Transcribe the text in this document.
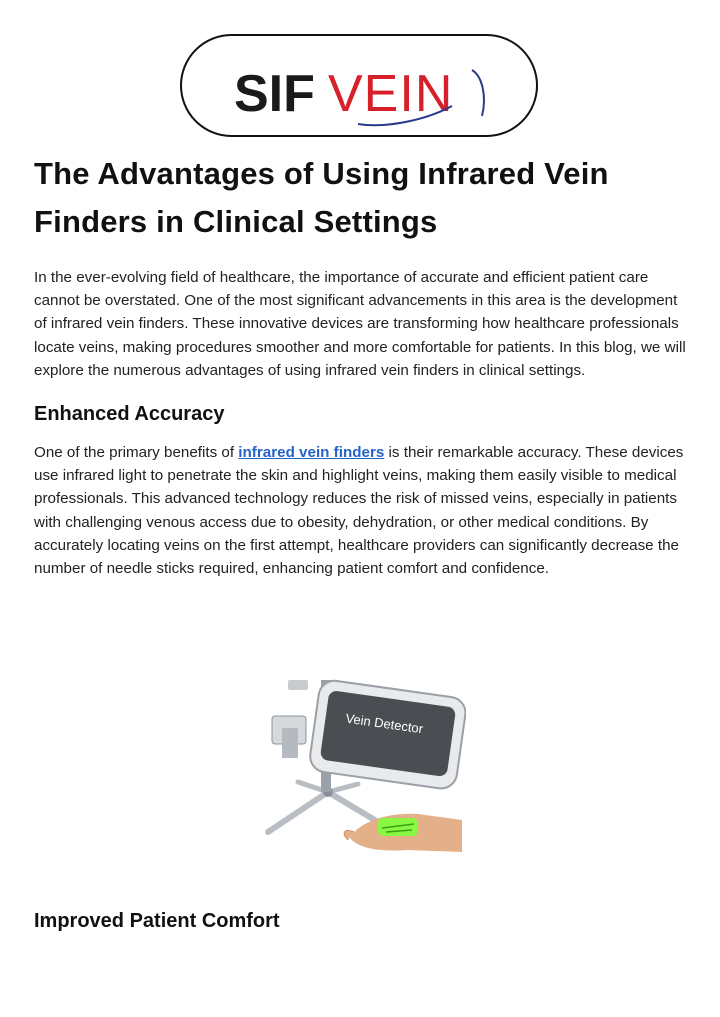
SIF VEIN
The Advantages of Using Infrared Vein Finders in Clinical Settings

In the ever-evolving field of healthcare, the importance of accurate and efficient patient care cannot be overstated. One of the most significant advancements in this area is the development of infrared vein finders. These innovative devices are transforming how healthcare professionals locate veins, making procedures smoother and more comfortable for patients. In this blog, we will explore the numerous advantages of using infrared vein finders in clinical settings.

Enhanced Accuracy

One of the primary benefits of infrared vein finders is their remarkable accuracy. These devices use infrared light to penetrate the skin and highlight veins, making them easily visible to medical professionals. This advanced technology reduces the risk of missed veins, especially in patients with challenging venous access due to obesity, dehydration, or other medical conditions. By accurately locating veins on the first attempt, healthcare providers can significantly decrease the number of needle sticks required, enhancing patient comfort and confidence.

Vein Detector
Improved Patient Comfort
